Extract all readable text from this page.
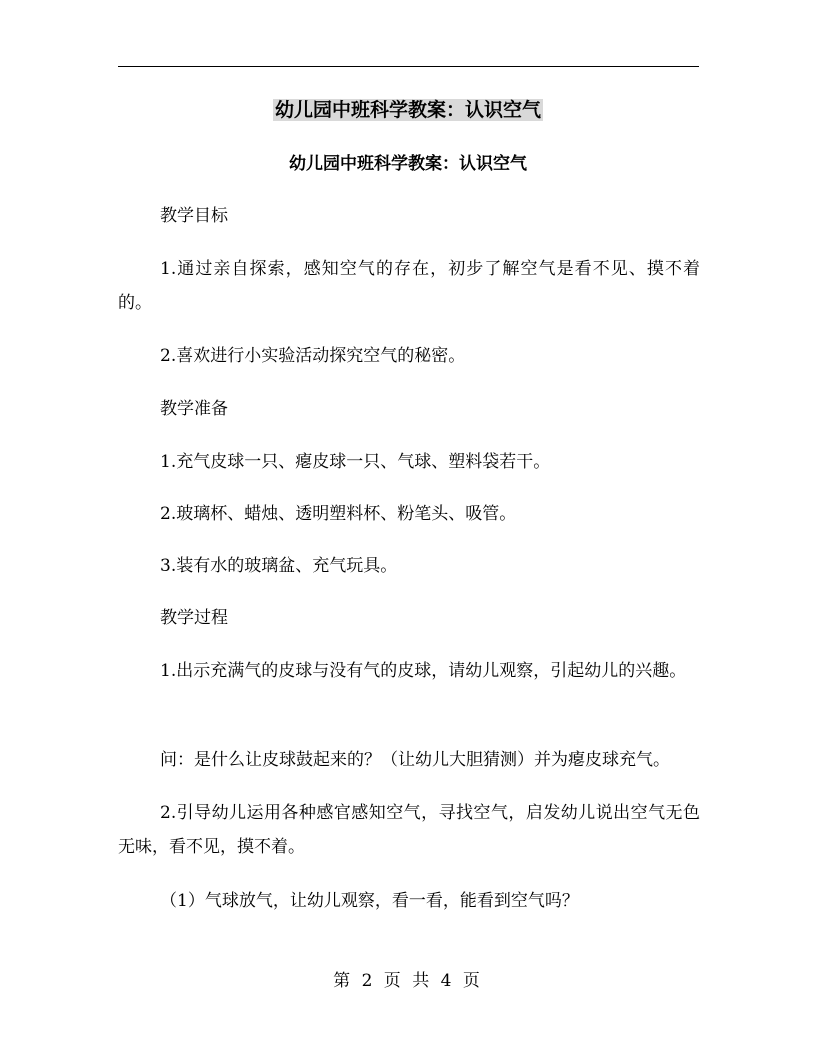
幼儿园中班科学教案：认识空气
幼儿园中班科学教案：认识空气

教学目标

1.通过亲自探索，感知空气的存在，初步了解空气是看不见、摸不着的。

2.喜欢进行小实验活动探究空气的秘密。

教学准备

1.充气皮球一只、瘪皮球一只、气球、塑料袋若干。

2.玻璃杯、蜡烛、透明塑料杯、粉笔头、吸管。

3.装有水的玻璃盆、充气玩具。

教学过程

1.出示充满气的皮球与没有气的皮球，请幼儿观察，引起幼儿的兴趣。

问：是什么让皮球鼓起来的？（让幼儿大胆猜测）并为瘪皮球充气。

2.引导幼儿运用各种感官感知空气，寻找空气，启发幼儿说出空气无色无味，看不见，摸不着。

（1）气球放气，让幼儿观察，看一看，能看到空气吗？

第 2 页 共 4 页
